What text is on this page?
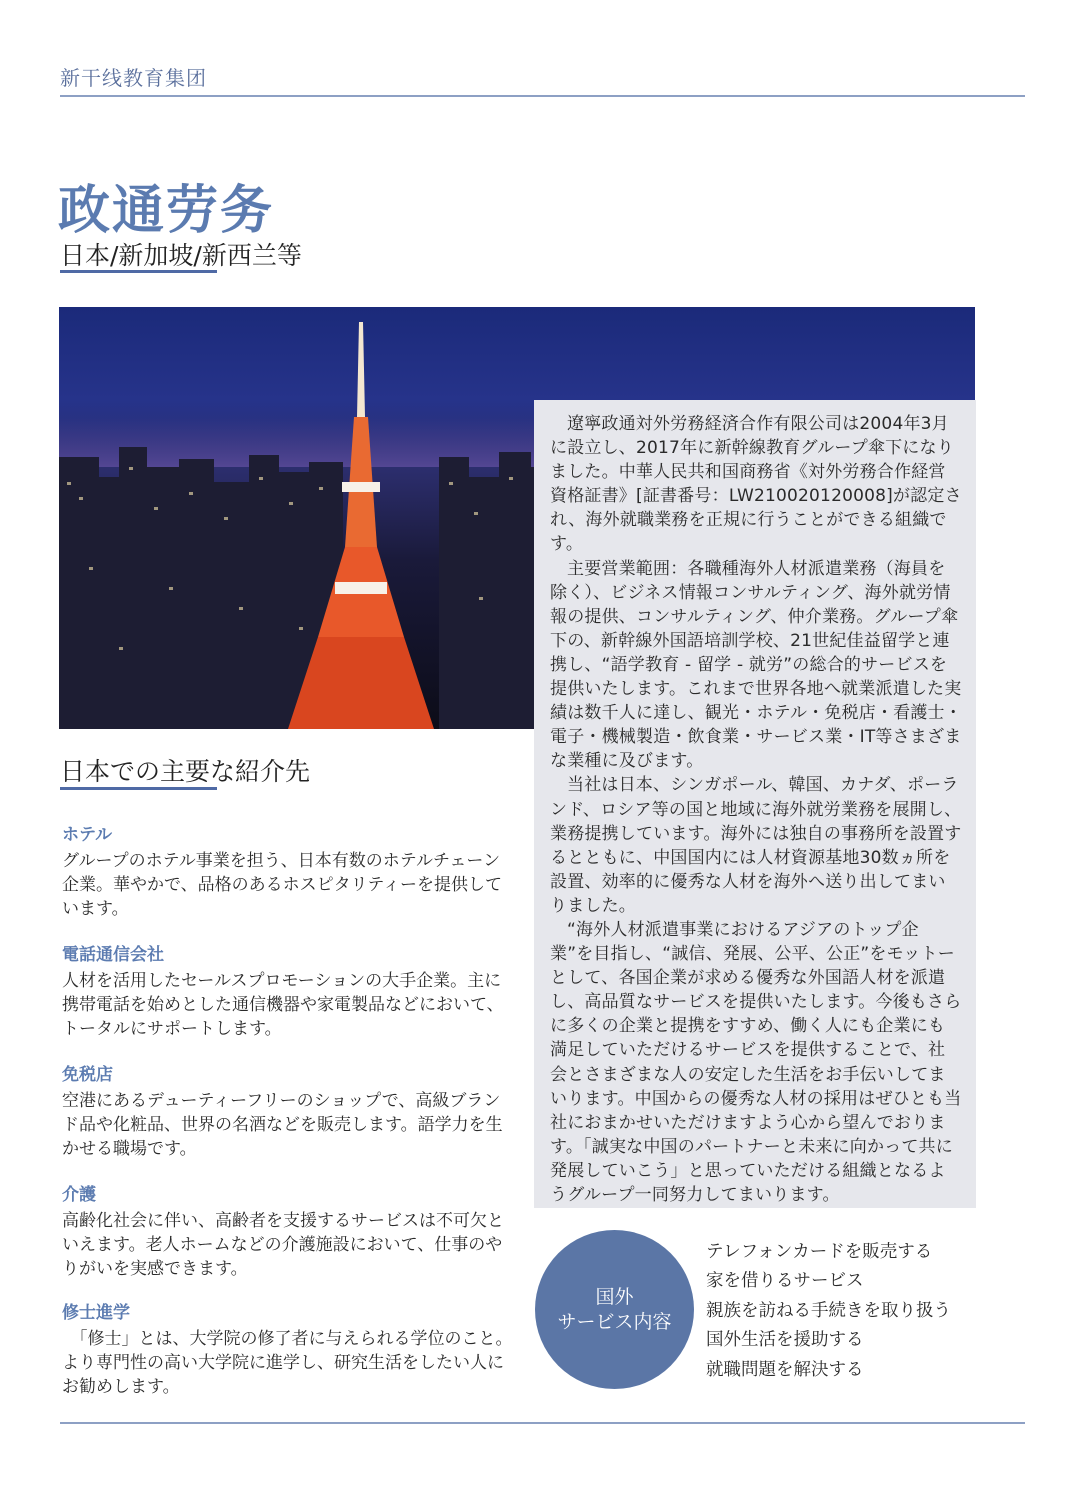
新干线教育集团
政通劳务
日本/新加坡/新西兰等

遼寧政通対外労務経済合作有限公司は2004年3月に設立し、2017年に新幹線教育グループ傘下になりました。中華人民共和国商務省《対外労務合作経営資格証書》[証書番号：LW210020120008]が認定され、海外就職業務を正規に行うことができる組織です。

主要営業範囲：各職種海外人材派遣業務（海員を除く）、ビジネス情報コンサルティング、海外就労情報の提供、コンサルティング、仲介業務。グループ傘下の、新幹線外国語培訓学校、21世紀佳益留学と連携し、“語学教育 - 留学 - 就労”の総合的サービスを提供いたします。これまで世界各地へ就業派遣した実績は数千人に達し、観光・ホテル・免税店・看護士・電子・機械製造・飲食業・サービス業・IT等さまざまな業種に及びます。

当社は日本、シンガポール、韓国、カナダ、ポーランド、ロシア等の国と地域に海外就労業務を展開し、業務提携しています。海外には独自の事務所を設置するとともに、中国国内には人材資源基地30数ヵ所を設置、効率的に優秀な人材を海外へ送り出してまいりました。

“海外人材派遣事業におけるアジアのトップ企業”を目指し、“誠信、発展、公平、公正”をモットーとして、各国企業が求める優秀な外国語人材を派遣し、高品質なサービスを提供いたします。今後もさらに多くの企業と提携をすすめ、働く人にも企業にも満足していただけるサービスを提供することで、社会とさまざまな人の安定した生活をお手伝いしてまいります。中国からの優秀な人材の採用はぜひとも当社におまかせいただけますよう心から望んでおります。「誠実な中国のパートナーと未来に向かって共に発展していこう」と思っていただける組織となるようグループ一同努力してまいります。

日本での主要な紹介先
ホテル

グループのホテル事業を担う、日本有数のホテルチェーン企業。華やかで、品格のあるホスピタリティーを提供しています。

電話通信会社

人材を活用したセールスプロモーションの大手企業。主に携帯電話を始めとした通信機器や家電製品などにおいて、トータルにサポートします。

免税店

空港にあるデューティーフリーのショップで、高級ブランド品や化粧品、世界の名酒などを販売します。語学力を生かせる職場です。

介護

高齢化社会に伴い、高齢者を支援するサービスは不可欠といえます。老人ホームなどの介護施設において、仕事のやりがいを実感できます。

修士進学

　「修士」とは、大学院の修了者に与えられる学位のこと。より専門性の高い大学院に進学し、研究生活をしたい人にお勧めします。

国外
サービス内容
テレフォンカードを販売する
家を借りるサービス
親族を訪ねる手続きを取り扱う
国外生活を援助する
就職問題を解決する
